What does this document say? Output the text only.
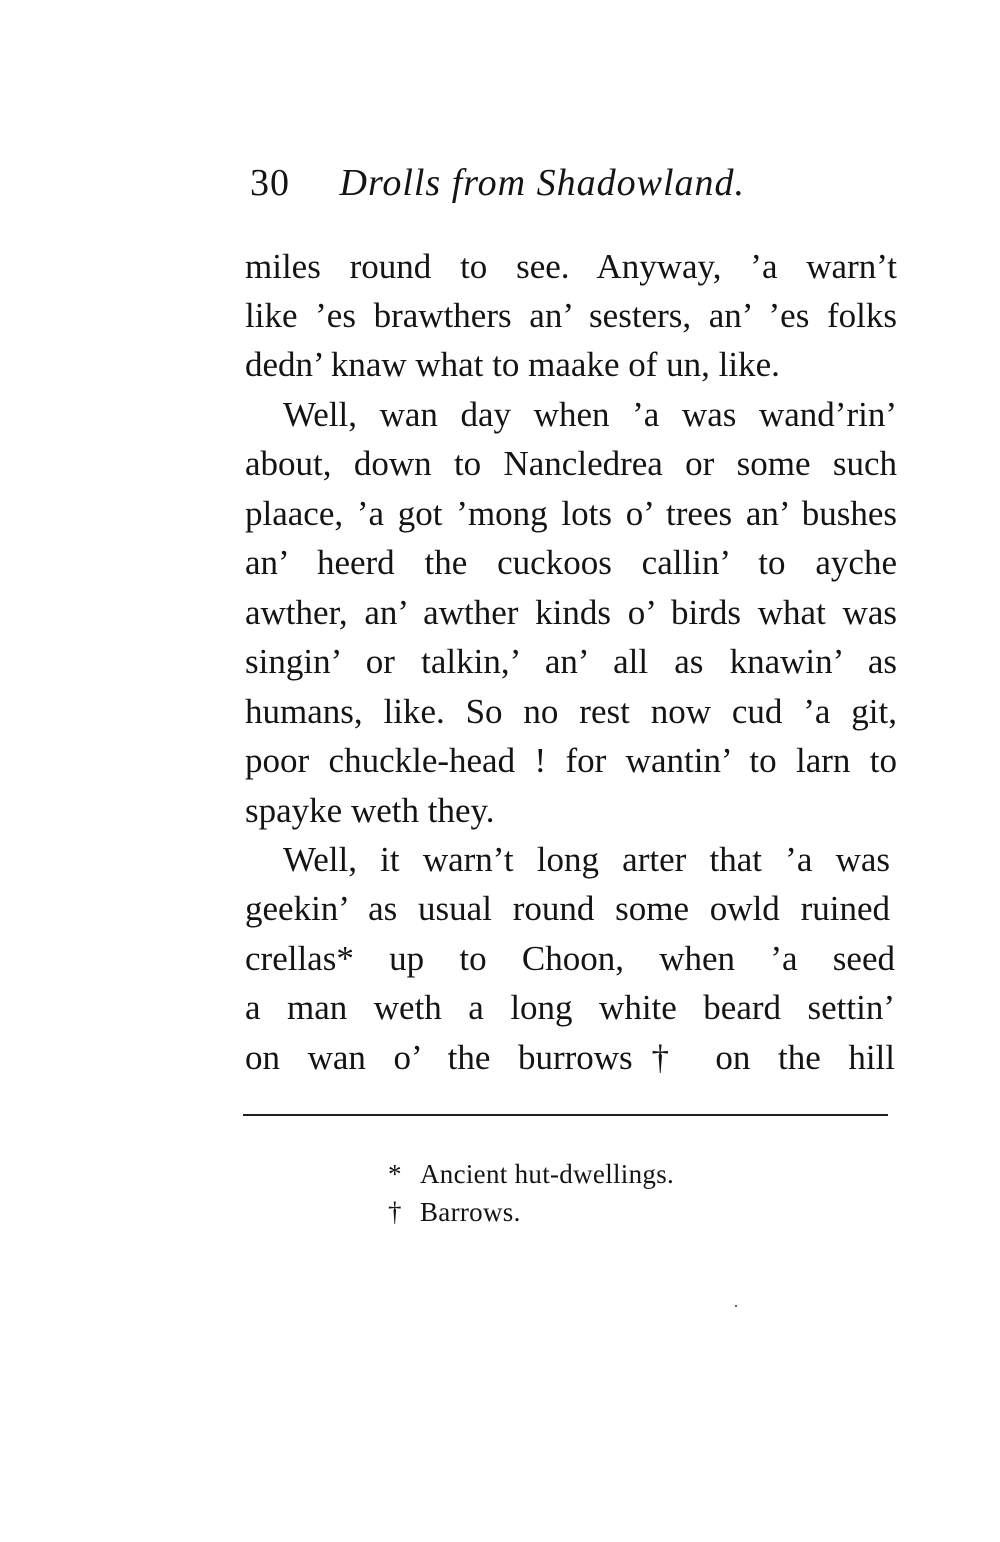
30 Drolls from Shadowland.
miles round to see. Anyway, ’a warn’t
like ’es brawthers an’ sesters, an’ ’es folks
dedn’ knaw what to maake of un, like.
Well, wan day when ’a was wand’rin’
about, down to Nancledrea or some such
plaace, ’a got ’mong lots o’ trees an’ bushes
an’ heerd the cuckoos callin’ to ayche
awther, an’ awther kinds o’ birds what was
singin’ or talkin,’ an’ all as knawin’ as
humans, like. So no rest now cud ’a git,
poor chuckle-head ! for wantin’ to larn to
spayke weth they.
Well, it warn’t long arter that ’a was
geekin’ as usual round some owld ruined
crellas* up to Choon, when ’a seed
a man weth a long white beard settin’
on wan o’ the burrows† on the hill
* Ancient hut-dwellings.
† Barrows.
